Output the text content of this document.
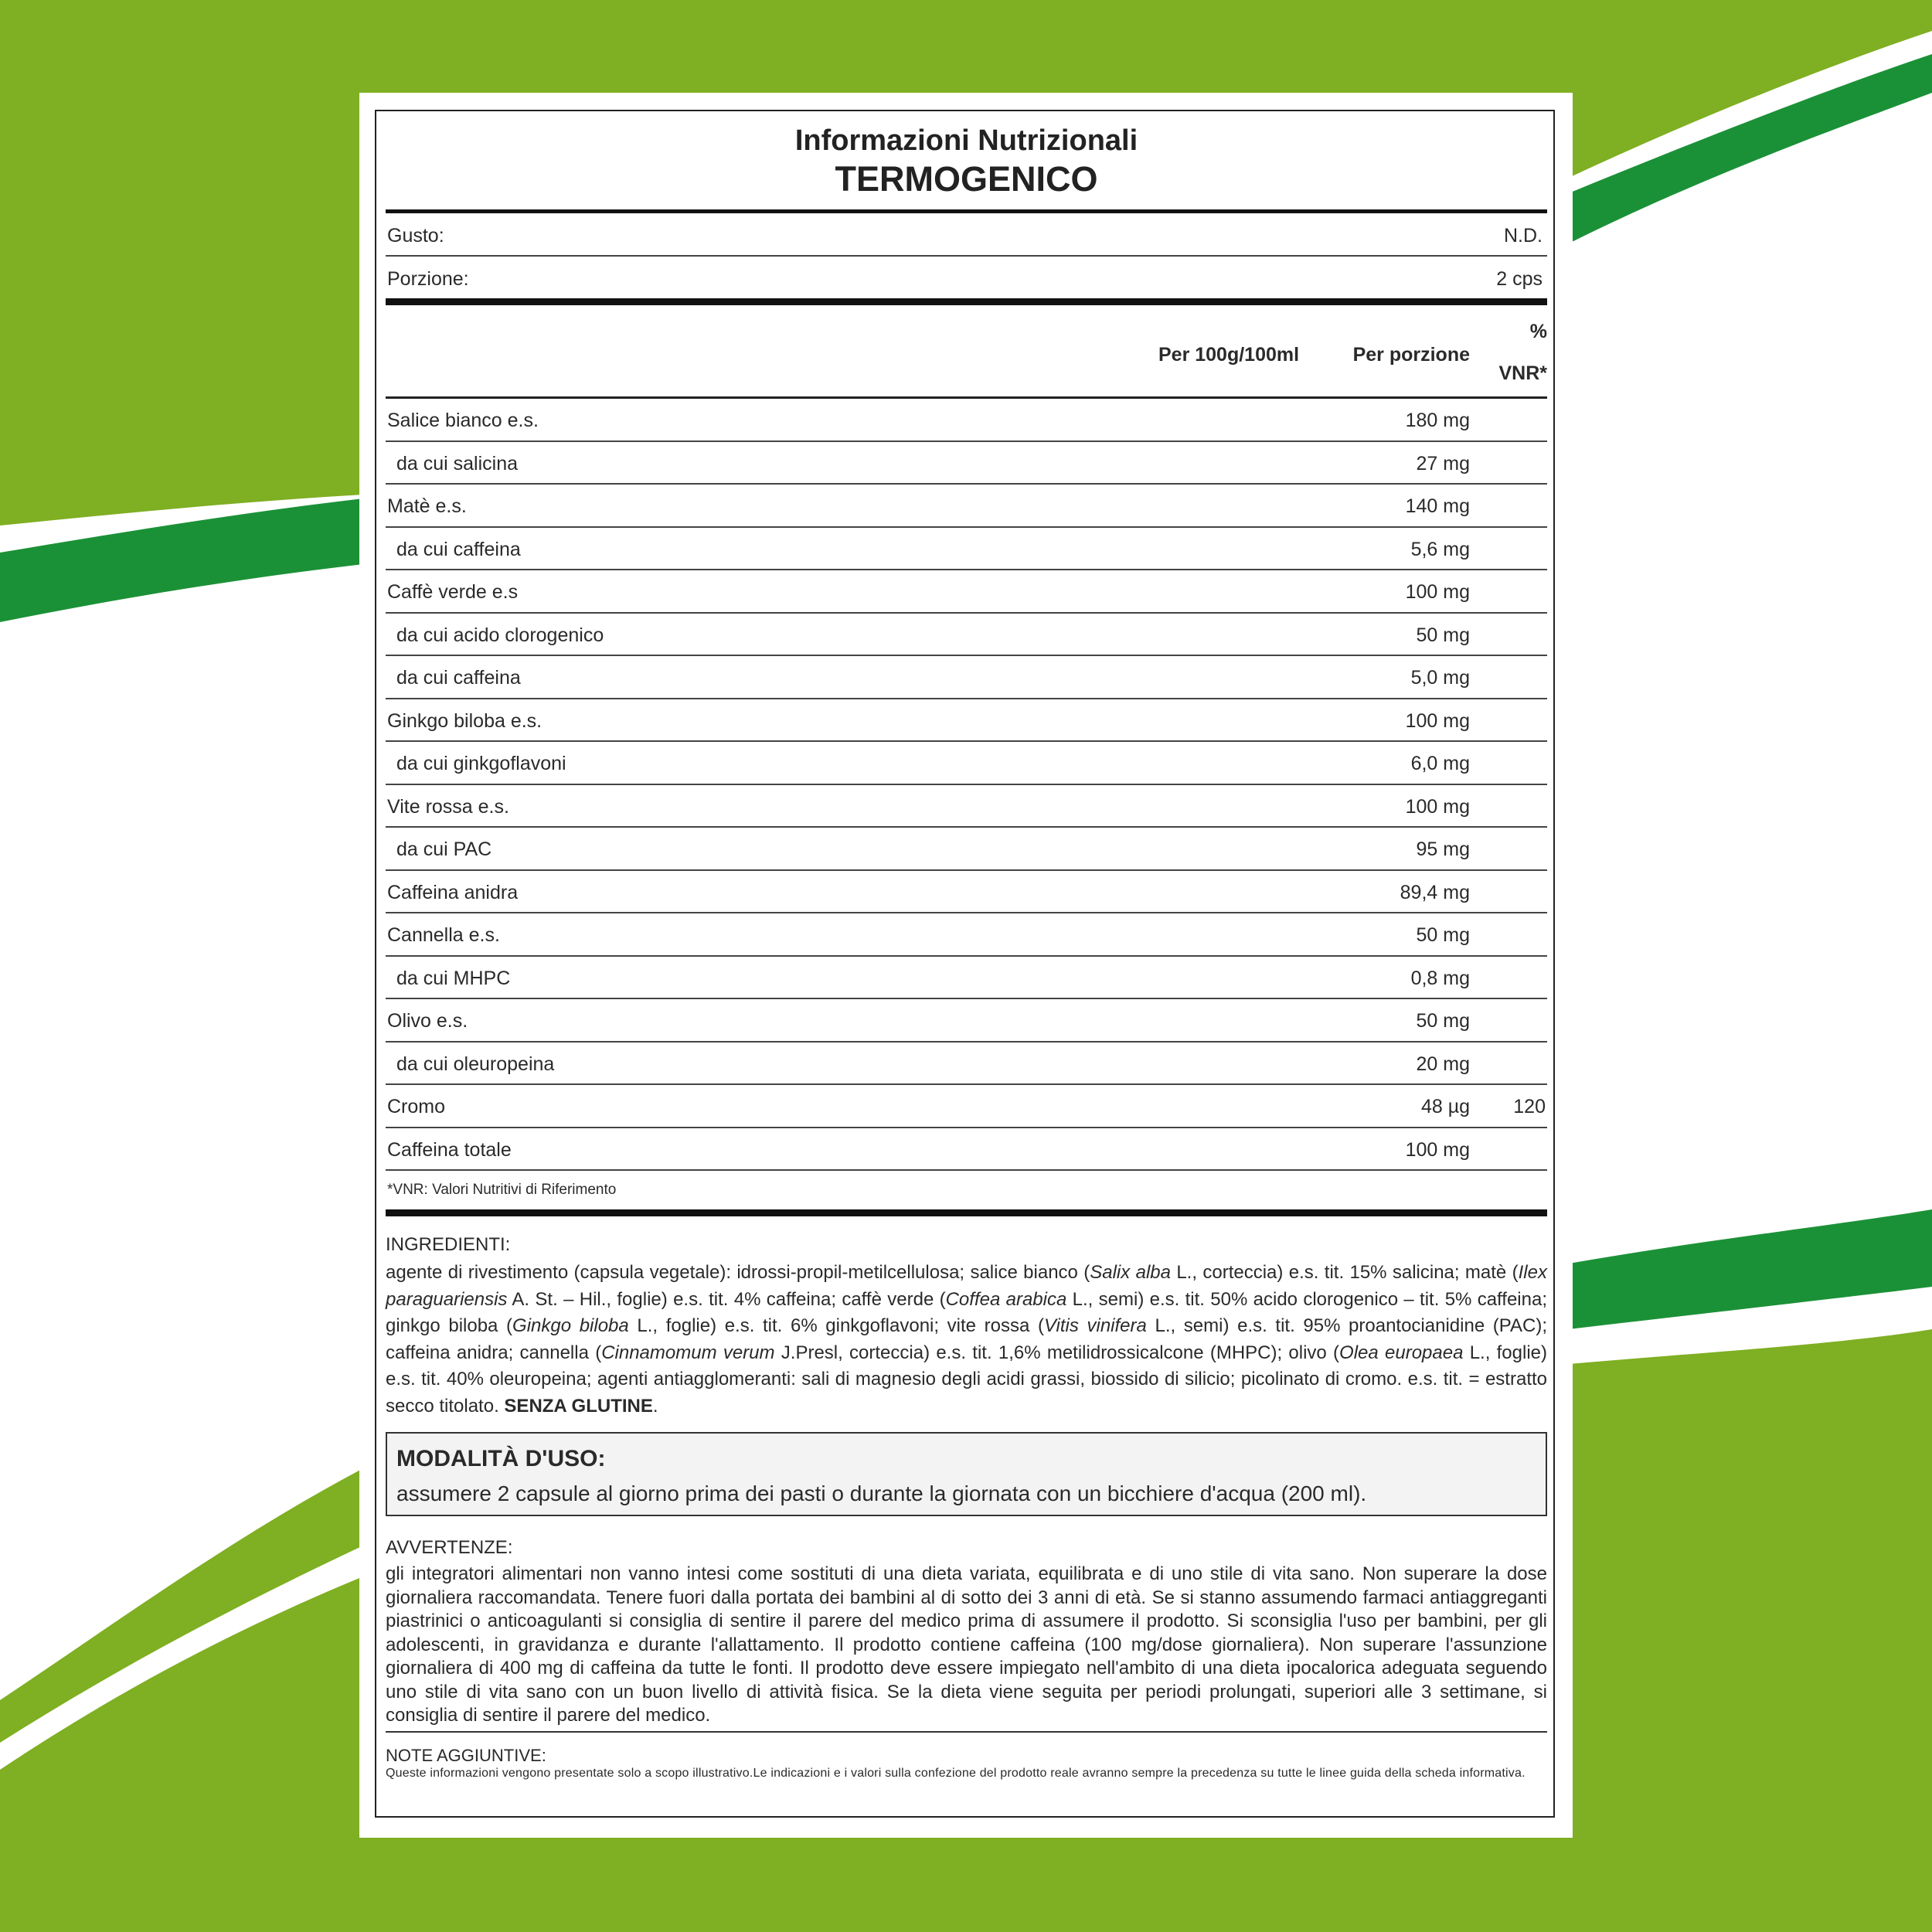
Informazioni Nutrizionali
TERMOGENICO
Gusto:	N.D.
Porzione:	2 cps
Per 100g/100ml	Per porzione
%
VNR*
Salice bianco e.s.	180 mg
da cui salicina	27 mg
Matè e.s.	140 mg
da cui caffeina	5,6 mg
Caffè verde e.s	100 mg
da cui acido clorogenico	50 mg
da cui caffeina	5,0 mg
Ginkgo biloba e.s.	100 mg
da cui ginkgoflavoni	6,0 mg
Vite rossa e.s.	100 mg
da cui PAC	95 mg
Caffeina anidra	89,4 mg
Cannella e.s.	50 mg
da cui MHPC	0,8 mg
Olivo e.s.	50 mg
da cui oleuropeina	20 mg
Cromo	48 µg 120
Caffeina totale	100 mg
*VNR: Valori Nutritivi di Riferimento
INGREDIENTI:
agente di rivestimento (capsula vegetale): idrossi-propil-metilcellulosa; salice bianco (Salix alba L., corteccia) e.s. tit. 15% salicina; matè (Ilex paraguariensis A. St. – Hil., foglie) e.s. tit. 4% caffeina; caffè verde (Coffea arabica L., semi) e.s. tit. 50% acido clorogenico – tit. 5% caffeina; ginkgo biloba (Ginkgo biloba L., foglie) e.s. tit. 6% ginkgoflavoni; vite rossa (Vitis vinifera L., semi) e.s. tit. 95% proantocianidine (PAC); caffeina anidra; cannella (Cinnamomum verum J.Presl, corteccia) e.s. tit. 1,6% metilidrossicalcone (MHPC); olivo (Olea europaea L., foglie) e.s. tit. 40% oleuropeina; agenti antiagglomeranti: sali di magnesio degli acidi grassi, biossido di silicio; picolinato di cromo. e.s. tit. = estratto secco titolato. SENZA GLUTINE.
MODALITÀ D'USO:
assumere 2 capsule al giorno prima dei pasti o durante la giornata con un bicchiere d'acqua (200 ml).
AVVERTENZE:
gli integratori alimentari non vanno intesi come sostituti di una dieta variata, equilibrata e di uno stile di vita sano. Non superare la dose giornaliera raccomandata. Tenere fuori dalla portata dei bambini al di sotto dei 3 anni di età. Se si stanno assumendo farmaci antiaggreganti piastrinici o anticoagulanti si consiglia di sentire il parere del medico prima di assumere il prodotto. Si sconsiglia l'uso per bambini, per gli adolescenti, in gravidanza e durante l'allattamento. Il prodotto contiene caffeina (100 mg/dose giornaliera). Non superare l'assunzione giornaliera di 400 mg di caffeina da tutte le fonti. Il prodotto deve essere impiegato nell'ambito di una dieta ipocalorica adeguata seguendo uno stile di vita sano con un buon livello di attività fisica. Se la dieta viene seguita per periodi prolungati, superiori alle 3 settimane, si consiglia di sentire il parere del medico.
NOTE AGGIUNTIVE:
Queste informazioni vengono presentate solo a scopo illustrativo.Le indicazioni e i valori sulla confezione del prodotto reale avranno sempre la precedenza su tutte le linee guida della scheda informativa.
